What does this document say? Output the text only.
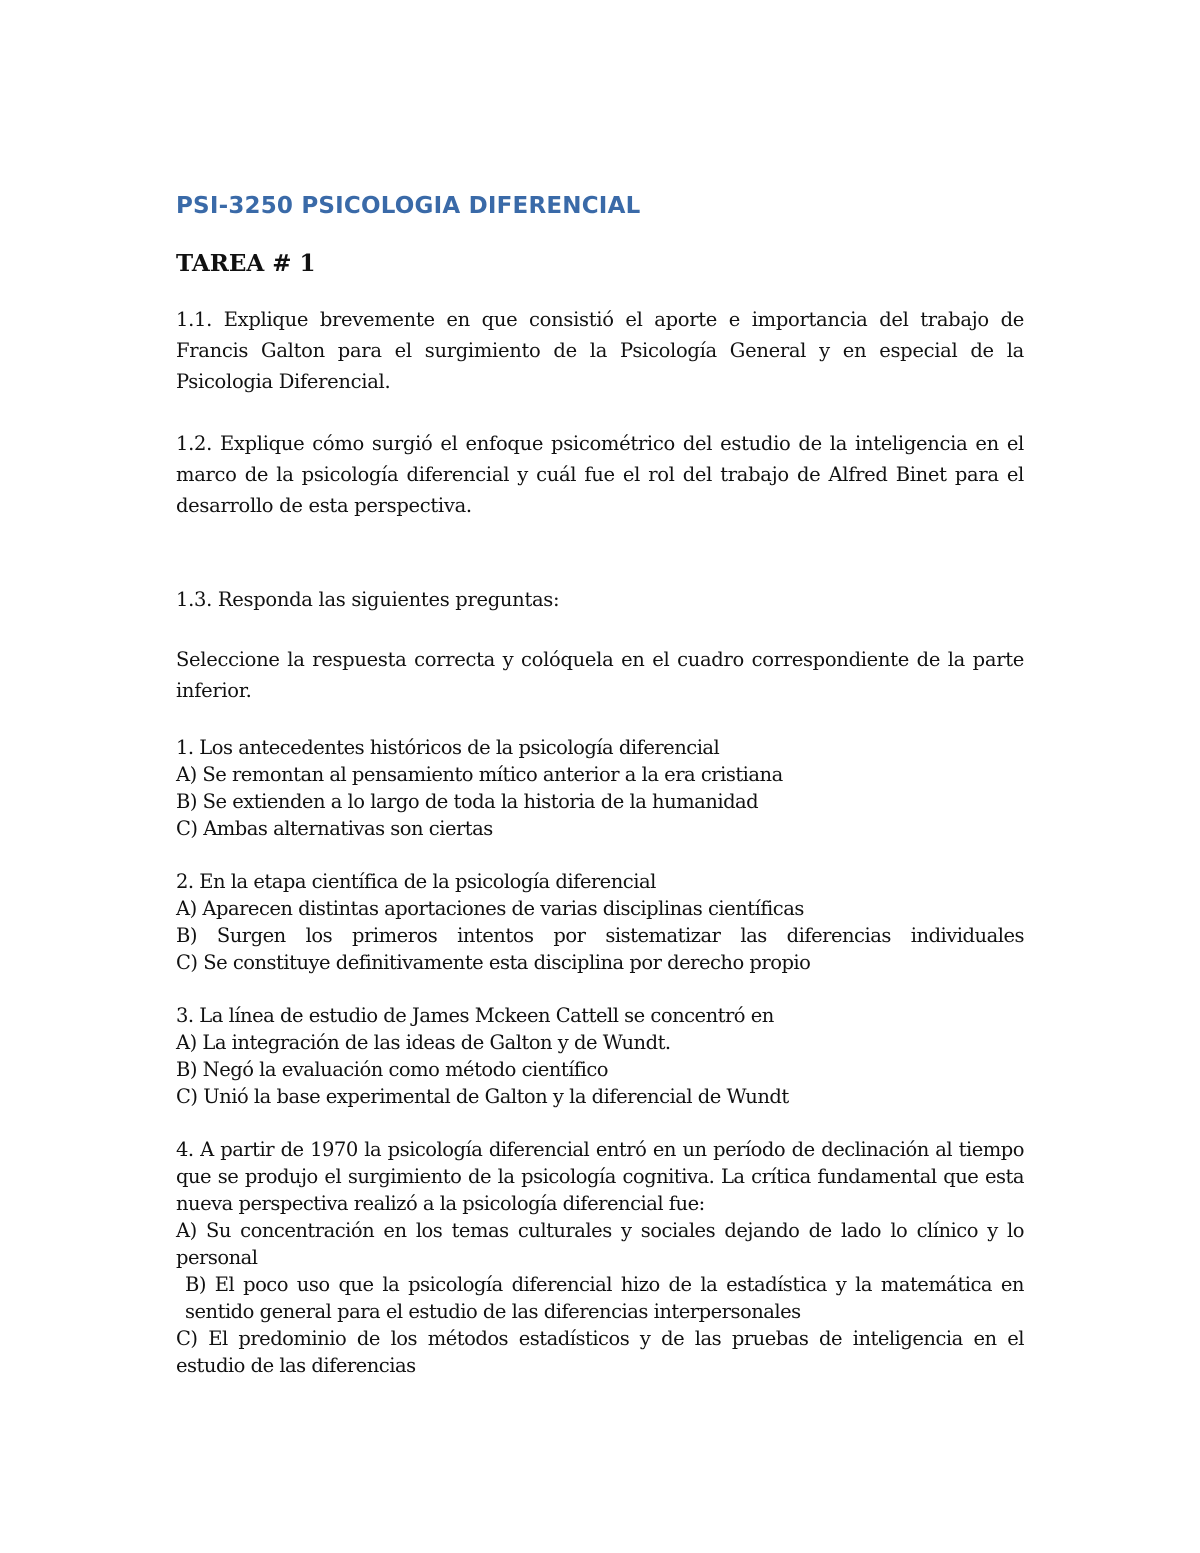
PSI-3250 PSICOLOGIA DIFERENCIAL
TAREA # 1

1.1. Explique brevemente en que consistió el aporte e importancia del trabajo de Francis Galton para el surgimiento de la Psicología General y en especial de la Psicologia Diferencial.

1.2. Explique cómo surgió el enfoque psicométrico del estudio de la inteligencia en el marco de la psicología diferencial y cuál fue el rol del trabajo de Alfred Binet para el desarrollo de esta perspectiva.

1.3. Responda las siguientes preguntas:

Seleccione la respuesta correcta y colóquela en el cuadro correspondiente de la parte inferior.

1. Los antecedentes históricos de la psicología diferencial
A) Se remontan al pensamiento mítico anterior a la era cristiana
B) Se extienden a lo largo de toda la historia de la humanidad
C) Ambas alternativas son ciertas
2. En la etapa científica de la psicología diferencial
A) Aparecen distintas aportaciones de varias disciplinas científicas
B) Surgen los primeros intentos por sistematizar las diferencias individuales
C) Se constituye definitivamente esta disciplina por derecho propio
3. La línea de estudio de James Mckeen Cattell se concentró en
A) La integración de las ideas de Galton y de Wundt.
B) Negó la evaluación como método científico
C) Unió la base experimental de Galton y la diferencial de Wundt
4. A partir de 1970 la psicología diferencial entró en un período de declinación al tiempo que se produjo el surgimiento de la psicología cognitiva. La crítica fundamental que esta nueva perspectiva realizó a la psicología diferencial fue:
A) Su concentración en los temas culturales y sociales dejando de lado lo clínico y lo personal
B) El poco uso que la psicología diferencial hizo de la estadística y la matemática en sentido general para el estudio de las diferencias interpersonales
C) El predominio de los métodos estadísticos y de las pruebas de inteligencia en el estudio de las diferencias
